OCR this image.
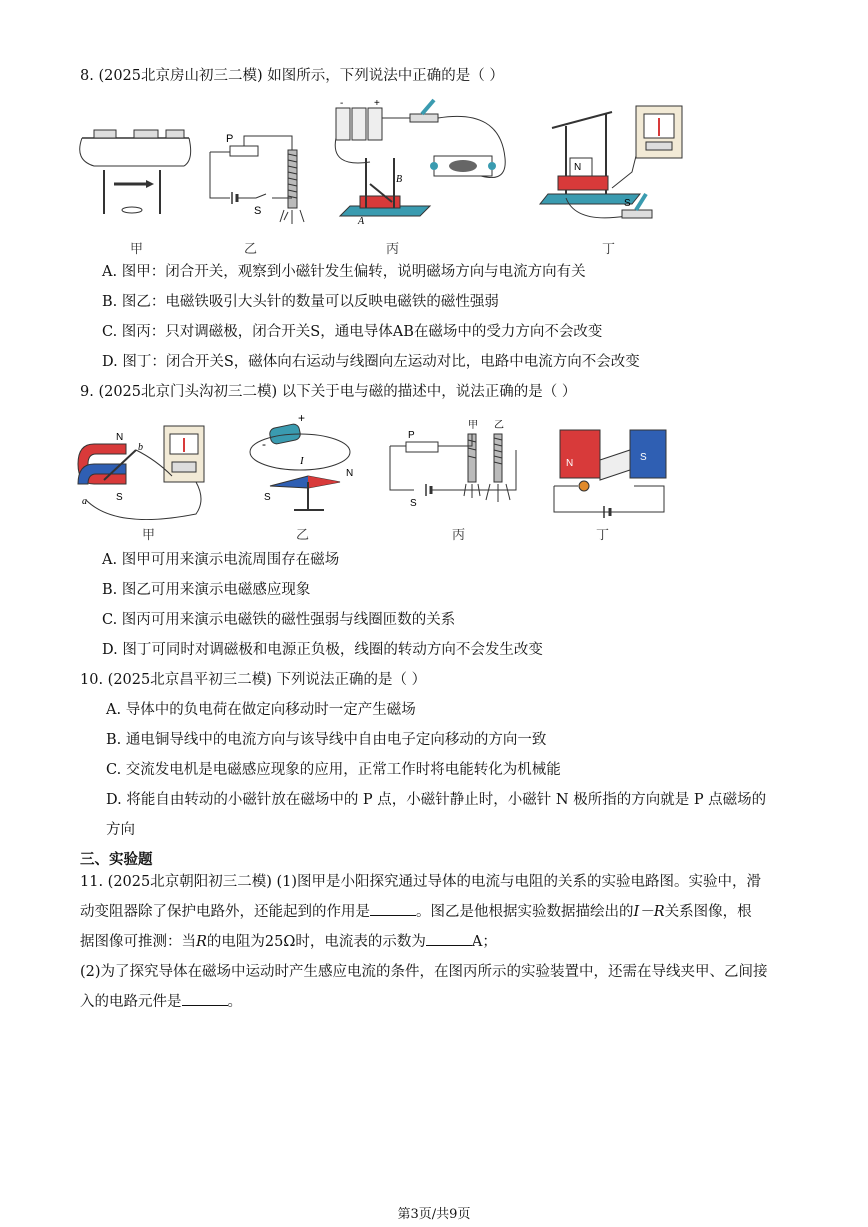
8. (2025北京房山初三二模) 如图所示，下列说法中正确的是（ ）
甲
P
S
乙
-	+
B
A
丙
N
S
丁
A. 图甲：闭合开关，观察到小磁针发生偏转，说明磁场方向与电流方向有关
B. 图乙：电磁铁吸引大头针的数量可以反映电磁铁的磁性强弱
C. 图丙：只对调磁极，闭合开关S，通电导体AB在磁场中的受力方向不会改变
D. 图丁：闭合开关S，磁体向右运动与线圈向左运动对比，电路中电流方向不会改变
9. (2025北京门头沟初三二模) 以下关于电与磁的描述中，说法正确的是（ ）
N
S
b
a
甲
+
-
I
S
N
乙
P
S
甲 乙
丙
N
S
丁
A. 图甲可用来演示电流周围存在磁场
B. 图乙可用来演示电磁感应现象
C. 图丙可用来演示电磁铁的磁性强弱与线圈匝数的关系
D. 图丁可同时对调磁极和电源正负极，线圈的转动方向不会发生改变
10. (2025北京昌平初三二模) 下列说法正确的是（ ）
A. 导体中的负电荷在做定向移动时一定产生磁场
B. 通电铜导线中的电流方向与该导线中自由电子定向移动的方向一致
C. 交流发电机是电磁感应现象的应用，正常工作时将电能转化为机械能
D. 将能自由转动的小磁针放在磁场中的 P 点，小磁针静止时，小磁针 N 极所指的方向就是 P 点磁场的
方向
三、实验题
11. (2025北京朝阳初三二模) (1)图甲是小阳探究通过导体的电流与电阻的关系的实验电路图。实验中，滑
动变阻器除了保护电路外，还能起到的作用是	。图乙是他根据实验数据描绘出的I－R关系图像，根
据图像可推测：当R的电阻为25Ω时，电流表的示数为	A；
(2)为了探究导体在磁场中运动时产生感应电流的条件，在图丙所示的实验装置中，还需在导线夹甲、乙间接
入的电路元件是	。
第3页/共9页
